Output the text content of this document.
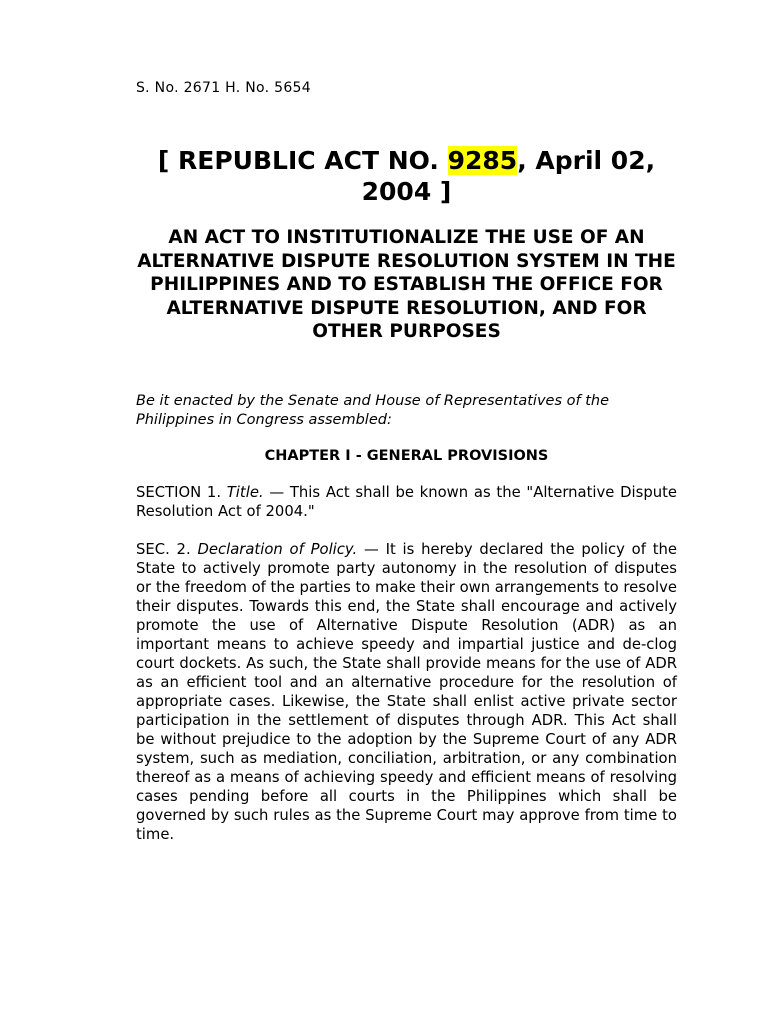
S. No. 2671 H. No. 5654

[ REPUBLIC ACT NO. 9285, April 02, 2004 ]
AN ACT TO INSTITUTIONALIZE THE USE OF AN ALTERNATIVE DISPUTE RESOLUTION SYSTEM IN THE PHILIPPINES AND TO ESTABLISH THE OFFICE FOR ALTERNATIVE DISPUTE RESOLUTION, AND FOR OTHER PURPOSES

Be it enacted by the Senate and House of Representatives of the Philippines in Congress assembled:

CHAPTER I - GENERAL PROVISIONS

SECTION 1. Title. — This Act shall be known as the "Alternative Dispute Resolution Act of 2004."

SEC. 2. Declaration of Policy. — It is hereby declared the policy of the State to actively promote party autonomy in the resolution of disputes or the freedom of the parties to make their own arrangements to resolve their disputes. Towards this end, the State shall encourage and actively promote the use of Alternative Dispute Resolution (ADR) as an important means to achieve speedy and impartial justice and de-clog court dockets. As such, the State shall provide means for the use of ADR as an efficient tool and an alternative procedure for the resolution of appropriate cases. Likewise, the State shall enlist active private sector participation in the settlement of disputes through ADR. This Act shall be without prejudice to the adoption by the Supreme Court of any ADR system, such as mediation, conciliation, arbitration, or any combination thereof as a means of achieving speedy and efficient means of resolving cases pending before all courts in the Philippines which shall be governed by such rules as the Supreme Court may approve from time to time.
